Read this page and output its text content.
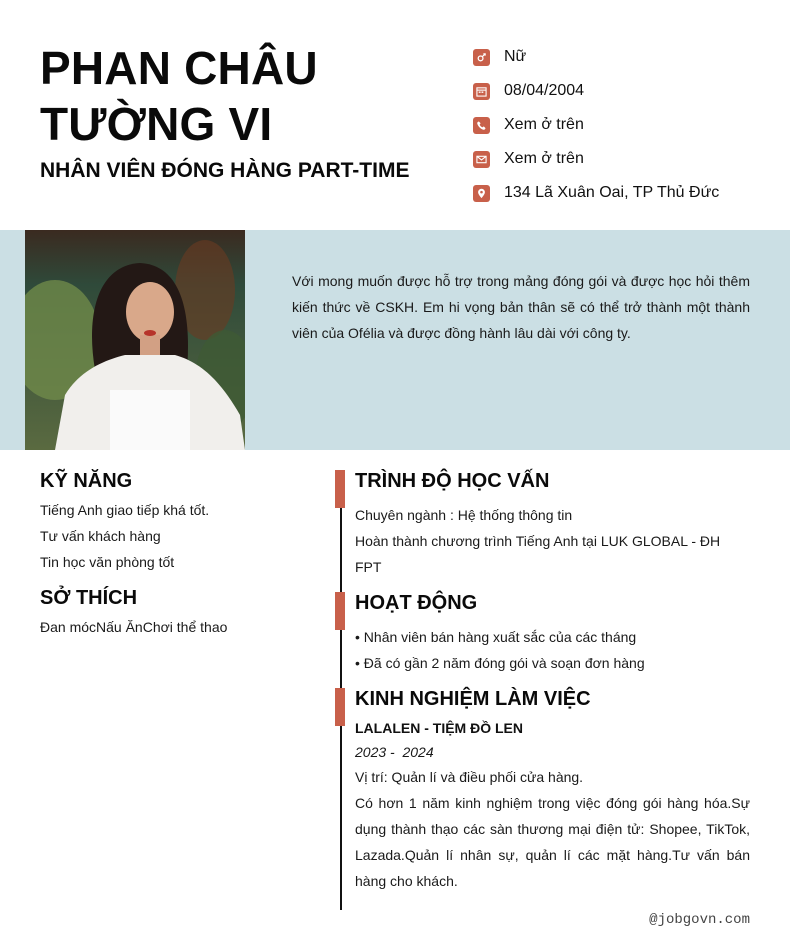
PHAN CHÂU
TƯỜNG VI
NHÂN VIÊN ĐÓNG HÀNG PART-TIME
Nữ
08/04/2004
Xem ở trên
Xem ở trên
134 Lã Xuân Oai, TP Thủ Đức
Với mong muốn được hỗ trợ trong mảng đóng gói và được học hỏi thêm kiến thức về CSKH. Em hi vọng bản thân sẽ có thể trở thành một thành viên của Ofélia và được đồng hành lâu dài với công ty.
KỸ NĂNG
Tiếng Anh giao tiếp khá tốt.
Tư vấn khách hàng
Tin học văn phòng tốt
SỞ THÍCH
Đan mócNấu ĂnChơi thể thao
TRÌNH ĐỘ HỌC VẤN
Chuyên ngành : Hệ thống thông tin
Hoàn thành chương trình Tiếng Anh tại LUK GLOBAL - ĐH FPT
HOẠT ĐỘNG
• Nhân viên bán hàng xuất sắc của các tháng
• Đã có gần 2 năm đóng gói và soạn đơn hàng
KINH NGHIỆM LÀM VIỆC
LALALEN - TIỆM ĐỒ LEN
2023 -  2024
Vị trí: Quản lí và điều phối cửa hàng.
Có hơn 1 năm kinh nghiệm trong việc đóng gói hàng hóa.Sự dụng thành thạo các sàn thương mại điện tử: Shopee, TikTok, Lazada.Quản lí nhân sự, quản lí các mặt hàng.Tư vấn bán hàng cho khách.
@jobgovn.com
